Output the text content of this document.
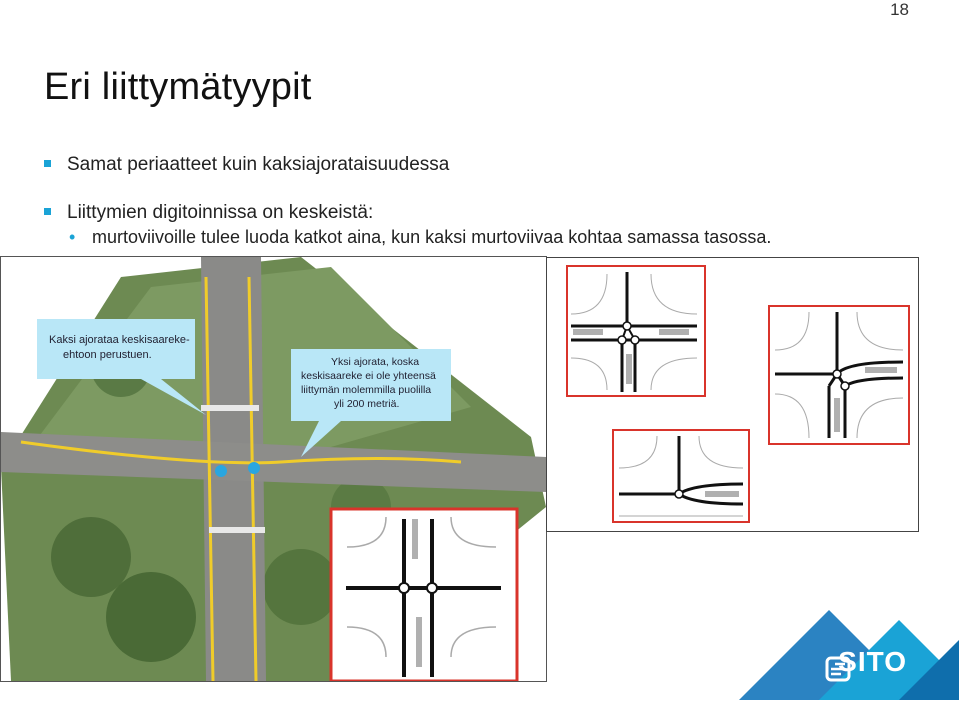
18
Eri liittymätyypit
Samat periaatteet kuin kaksiajorataisuudessa
Liittymien digitoinnissa on keskeistä:
• murtoviivoille tulee luoda katkot aina, kun kaksi murtoviivaa kohtaa samassa tasossa.
Kaksi ajorataa keskisaareke-
ehtoon perustuen.
Yksi ajorata, koska
keskisaareke ei ole yhteensä
liittymän molemmilla puolilla
yli 200 metriä.
SITO
